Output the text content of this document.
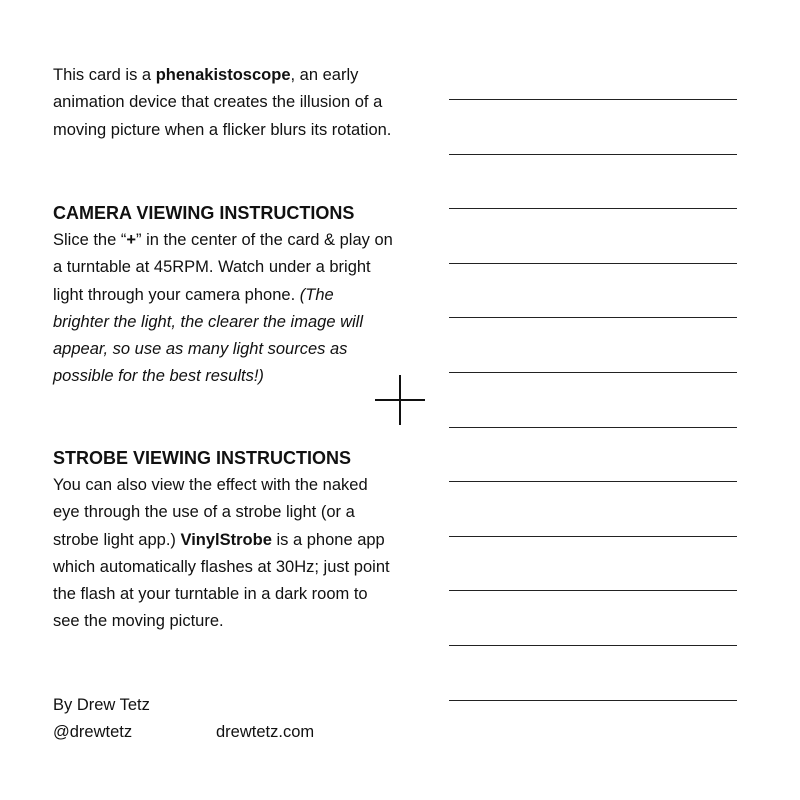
This card is a phenakistoscope, an early animation device that creates the illusion of a moving picture when a flicker blurs its rotation.

CAMERA VIEWING INSTRUCTIONS

Slice the “+” in the center of the card & play on a turntable at 45RPM. Watch under a bright light through your camera phone. (The brighter the light, the clearer the image will appear, so use as many light sources as possible for the best results!)

STROBE VIEWING INSTRUCTIONS

You can also view the effect with the naked eye through the use of a strobe light (or a strobe light app.) VinylStrobe is a phone app which automatically flashes at 30Hz; just point the flash at your turntable in a dark room to see the moving picture.

By Drew Tetz

@drewtetz	drewtetz.com
